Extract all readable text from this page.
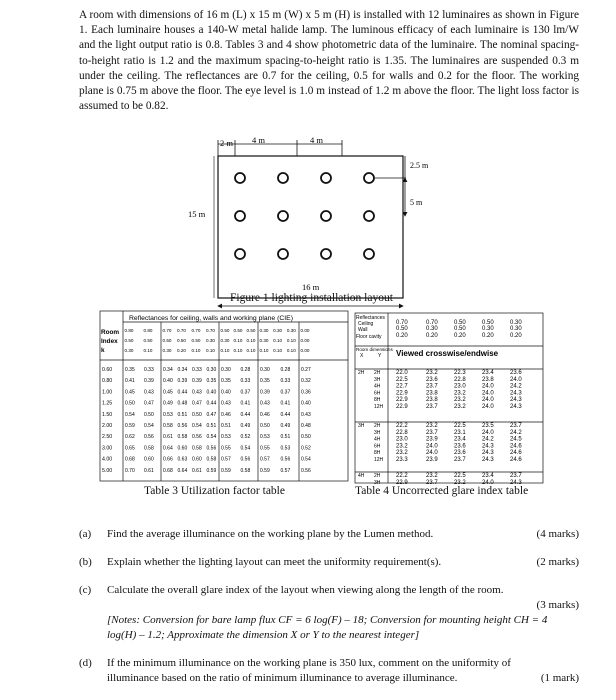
A room with dimensions of 16 m (L) x 15 m (W) x 5 m (H) is installed with 12 luminaires as shown in Figure 1. Each luminaire houses a 140-W metal halide lamp. The luminous efficacy of each luminaire is 130 lm/W and the light output ratio is 0.8. Tables 3 and 4 show photometric data of the luminaire. The nominal spacing-to-height ratio is 1.2 and the maximum spacing-to-height ratio is 1.35. The luminaires are suspended 0.3 m under the ceiling. The reflectances are 0.7 for the ceiling, 0.5 for walls and 0.2 for the floor. The working plane is 0.75 m above the floor. The eye level is 1.0 m instead of 1.2 m above the floor. The light loss factor is assumed to be 0.82.
2 m 4 m	4 m
2.5 m
5 m
15 m
16 m
Figure 1 lighting installation layout
Reflectances for ceiling, walls and working plane (CIE)
Room
Index
k
0.80 0.80 0.70 0.70 0.70 0.70 0.50 0.50 0.50 0.30 0.30 0.30 0.00
0.50 0.50 0.50 0.50 0.50 0.30 0.30 0.10 0.10 0.30 0.10 0.10 0.00
0.30 0.10 0.30 0.20 0.10 0.10 0.10 0.10 0.10 0.10 0.10 0.10 0.00
0.60	0.35 0.33 0.34 0.34 0.33 0.30 0.30 0.28 0.30 0.28 0.27
0.80	0.41 0.39 0.40 0.39 0.39 0.35 0.35 0.33 0.35 0.33 0.32
1.00	0.45 0.43 0.45 0.44 0.43 0.40 0.40 0.37 0.39 0.37 0.36
1.25	0.50 0.47 0.49 0.48 0.47 0.44 0.43 0.41 0.43 0.41 0.40
1.50	0.54 0.50 0.53 0.51 0.50 0.47 0.46 0.44 0.46 0.44 0.43
2.00	0.59 0.54 0.58 0.56 0.54 0.51 0.51 0.49 0.50 0.49 0.48
2.50	0.62 0.56 0.61 0.58 0.56 0.54 0.53 0.52 0.53 0.51 0.50
3.00	0.65 0.58 0.64 0.60 0.58 0.56 0.55 0.54 0.55 0.53 0.52
4.00	0.68 0.60 0.66 0.63 0.60 0.58 0.57 0.56 0.57 0.56 0.54
5.00	0.70 0.61 0.68 0.64 0.61 0.59 0.59 0.58 0.59 0.57 0.56
Table 3 Utilization factor table
Reflectances
Ceiling
Wall
Floor cavity
Room dimensions
X	Y Viewed crosswise/endwise
0.70	0.70	0.50	0.50	0.30
0.50	0.30	0.50	0.30	0.30
0.20	0.20	0.20	0.20	0.20
2H 2H	22.0	23.2	22.3	23.4	23.6
3H	22.5	23.6	22.8	23.8	24.0
4H	22.7	23.7	23.0	24.0	24.2
6H	22.9	23.8	23.2	24.0	24.3
8H	22.9	23.8	23.2	24.0	24.3
12H 22.9	23.7	23.2	24.0	24.3
3H 2H	22.2	23.2	22.5	23.5	23.7
3H	22.8	23.7	23.1	24.0	24.2
4H	23.0	23.9	23.4	24.2	24.5
6H	23.2	24.0	23.6	24.3	24.6
8H	23.2	24.0	23.6	24.3	24.6
12H 23.3	23.9	23.7	24.3	24.6
4H 2H	22.2	23.2	22.5	23.4	23.7
3H	22.9	23.7	23.2	24.0	24.3
Table 4 Uncorrected glare index table
(a) Find the average illuminance on the working plane by the Lumen method.	(4 marks)
(b) Explain whether the lighting layout can meet the uniformity requirement(s).	(2 marks)
(c) Calculate the overall glare index of the layout when viewing along the length of the room.
(3 marks)
[Notes: Conversion for bare lamp flux CF = 6 log(F) – 18; Conversion for mounting height CH = 4 log(H) – 1.2; Approximate the dimension X or Y to the nearest integer]
(d) If the minimum illuminance on the working plane is 350 lux, comment on the uniformity of illuminance based on the ratio of minimum illuminance to average illuminance.	(1 mark)
